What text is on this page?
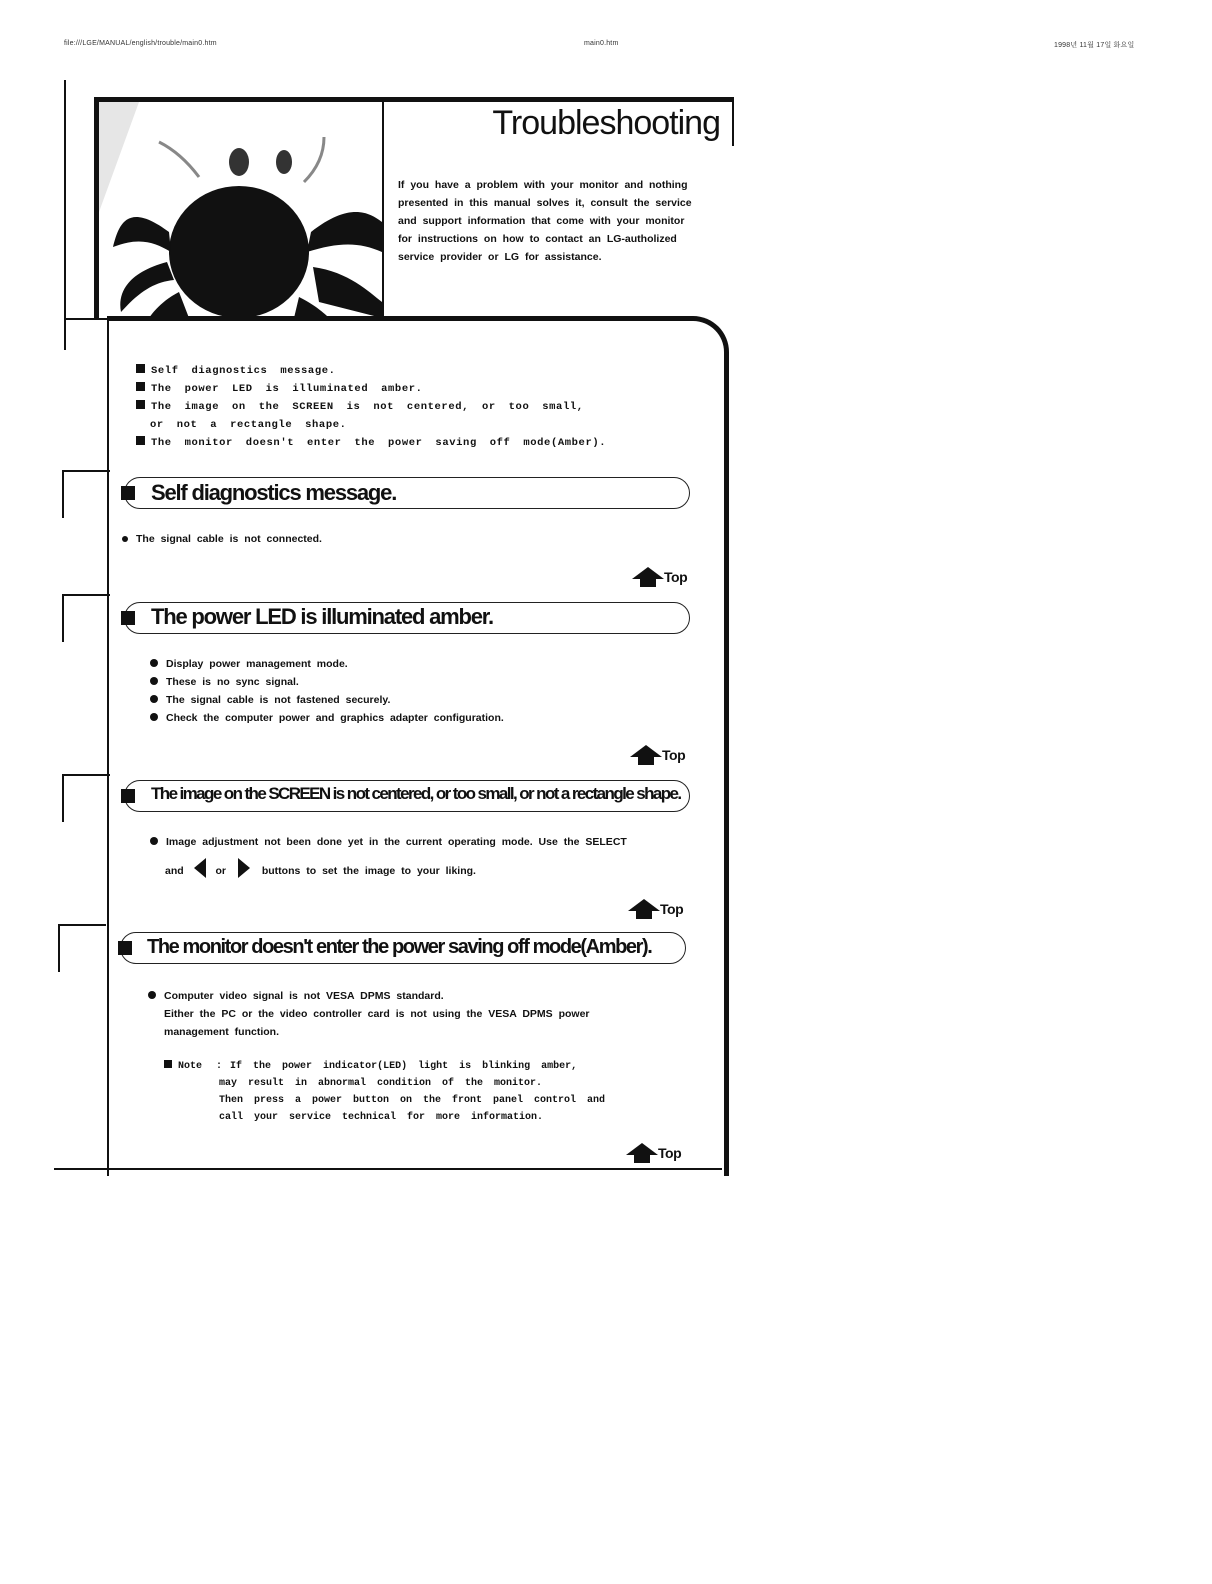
file:///LGE/MANUAL/english/trouble/main0.htm	main0.htm	1998년 11월 17일 화요일
Troubleshooting
If you have a problem with your monitor and nothing presented in this manual solves it, consult the service and support information that come with your monitor for instructions on how to contact an LG-autholized service provider or LG for assistance.
Self diagnostics message.
The power LED is illuminated amber.
The image on the SCREEN is not centered, or too small,
or not a rectangle shape.
The monitor doesn't enter the power saving off mode(Amber).
Self diagnostics message.
The signal cable is not connected.
Top
The power LED is illuminated amber.
Display power management mode.
These is no sync signal.
The signal cable is not fastened securely.
Check the computer power and graphics adapter configuration.
Top
The image on the SCREEN is not centered, or too small, or not a rectangle shape.
Image adjustment not been done yet in the current operating mode. Use the SELECT
and	or	buttons to set the image to your liking.
Top
The monitor doesn't enter the power saving off mode(Amber).
Computer video signal is not VESA DPMS standard.
Either the PC or the video controller card is not using the VESA DPMS power
management function.
Note : If the power indicator(LED) light is blinking amber,
may result in abnormal condition of the monitor.
Then press a power button on the front panel control and
call your service technical for more information.
Top
